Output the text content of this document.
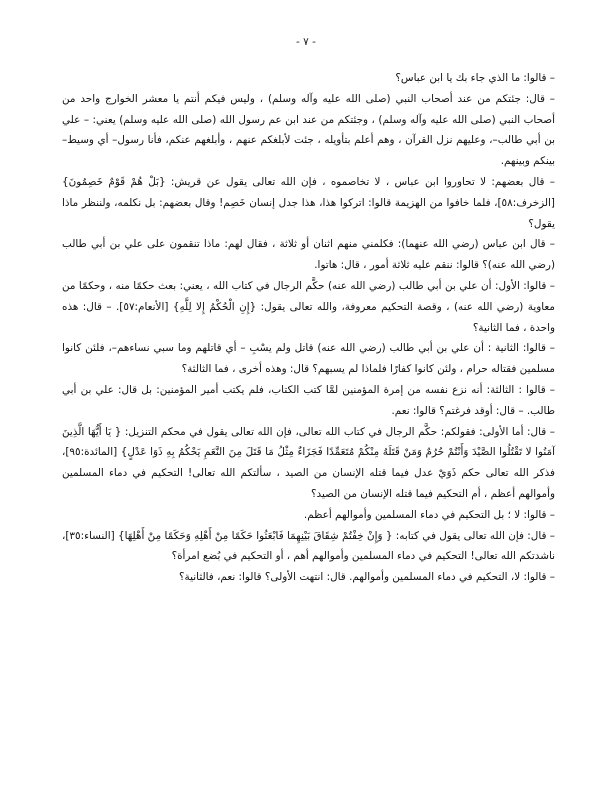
- ٧ -

– قالوا: ما الذي جاء بك يا ابن عباس؟

– قال: جئتكم من عند أصحاب النبي (صلى الله عليه وآله وسلم) ، وليس فيكم أنتم يا معشر الخوارج واحد من أصحاب النبي (صلى الله عليه وآله وسلم) ، وجئتكم من عند ابن عم رسول الله (صلى الله عليه وسلم) يعني: – علي بن أبي طالب–، وعليهم نزل القرآن ، وهم أعلم بتأويله ، جئت لأبلغكم عنهم ، وأبلغهم عنكم، فأنا رسول– أي وسيط– بينكم وبينهم.

– قال بعضهم: لا تحاوروا ابن عباس ، لا تخاصموه ، فإن الله تعالى يقول عن قريش: {بَلْ هُمْ قَوْمٌ خَصِمُونَ} [الزخرف:٥٨]، فلما خافوا من الهزيمة قالوا: اتركوا هذا، هذا جدل إنسان خَصِم! وقال بعضهم: بل نكلمه، ولننظر ماذا يقول؟

– قال ابن عباس (رضي الله عنهما): فكلمني منهم اثنان أو ثلاثة ، فقال لهم: ماذا تنقمون على علي بن أبي طالب (رضي الله عنه)؟ قالوا: ننقم عليه ثلاثة أمور ، قال: هاتوا.

– قالوا: الأول: أن علي بن أبي طالب (رضي الله عنه) حكَّم الرجال في كتاب الله ، يعني: بعث حكمًا منه ، وحكمًا من معاوية (رضي الله عنه) ، وقصة التحكيم معروفة، والله تعالى يقول: {إِنِ الْحُكْمُ إِلا لِلَّهِ} [الأنعام:٥٧]. – قال: هذه واحدة ، فما الثانية؟

– قالوا: الثانية : أن علي بن أبي طالب (رضي الله عنه) قاتل ولم يسْبِ – أي قاتلهم وما سبي نساءهم–، فلئن كانوا مسلمين فقتاله حرام ، ولئن كانوا كفارًا فلماذا لم يسبهم؟ قال: وهذه أخرى ، فما الثالثة؟

– قالوا : الثالثة: أنه نزع نفسه من إمرة المؤمنين لمَّا كتب الكتاب، فلم يكتب أمير المؤمنين: بل قال: علي بن أبي طالب. – قال: أوقد فرغتم؟ قالوا: نعم.

– قال: أما الأولى: فقولكم: حكَّم الرجال في كتاب الله تعالى، فإن الله تعالى يقول في محكم التنزيل: { يَا أَيُّهَا الَّذِينَ آمَنُوا لا تَقْتُلُوا الصَّيْدَ وَأَنْتُمْ حُرُمٌ وَمَنْ قَتَلَهُ مِنْكُمْ مُتَعَمِّدًا فَجَزَاءٌ مِثْلُ مَا قَتَلَ مِنَ النَّعَمِ يَحْكُمُ بِهِ ذَوَا عَدْلٍ} [المائدة:٩٥]، فذكر الله تعالى حكم ذَوَيْ عدل فيما قتله الإنسان من الصيد ، سألتكم الله تعالى! التحكيم في دماء المسلمين وأموالهم أعظم ، أم التحكيم فيما قتله الإنسان من الصيد؟

– قالوا: لا ؛ بل التحكيم في دماء المسلمين وأموالهم أعظم.

– قال: فإن الله تعالى يقول في كتابه: { وَإِنْ خِفْتُمْ شِقَاقَ بَيْنِهِمَا فَابْعَثُوا حَكَمًا مِنْ أَهْلِهِ وَحَكَمًا مِنْ أَهْلِهَا} [النساء:٣٥]، ناشدتكم الله تعالى! التحكيم في دماء المسلمين وأموالهم أهم ، أو التحكيم في بُضع امرأة؟

– قالوا: لا، التحكيم في دماء المسلمين وأموالهم. قال: انتهت الأولى؟ قالوا: نعم، فالثانية؟
